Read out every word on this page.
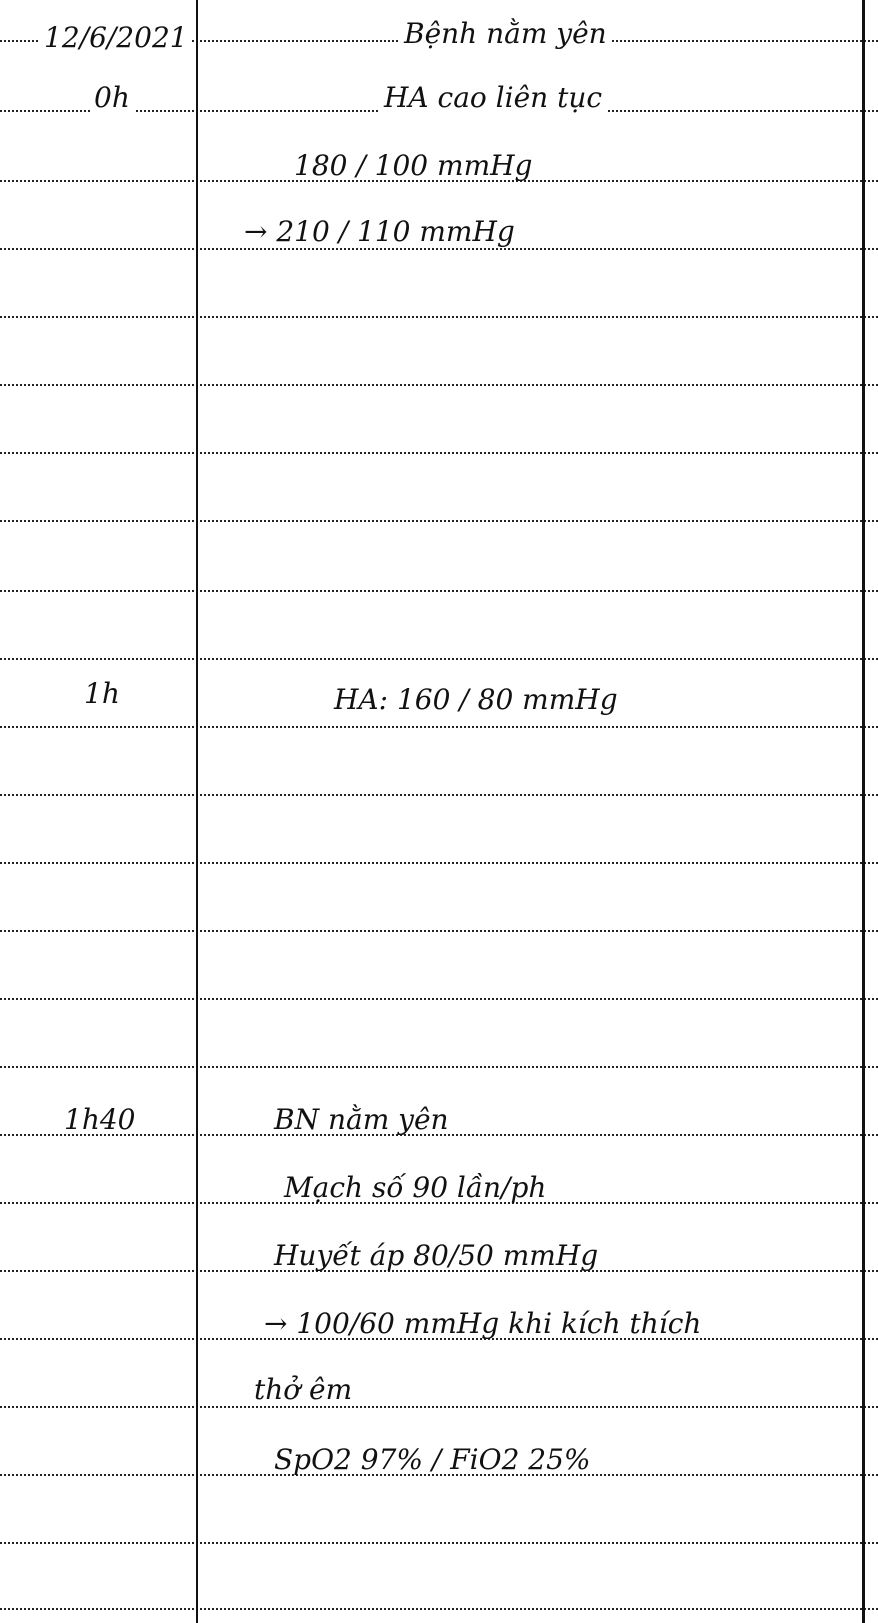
12/6/2021
0h
Bệnh nằm yên
HA cao liên tục
180 / 100 mmHg
→ 210 / 110 mmHg
1h	HA: 160 / 80 mmHg
1h40	BN nằm yên
Mạch số 90 lần/ph
Huyết áp 80/50 mmHg
→ 100/60 mmHg khi kích thích
thở êm
SpO2 97% / FiO2 25%
